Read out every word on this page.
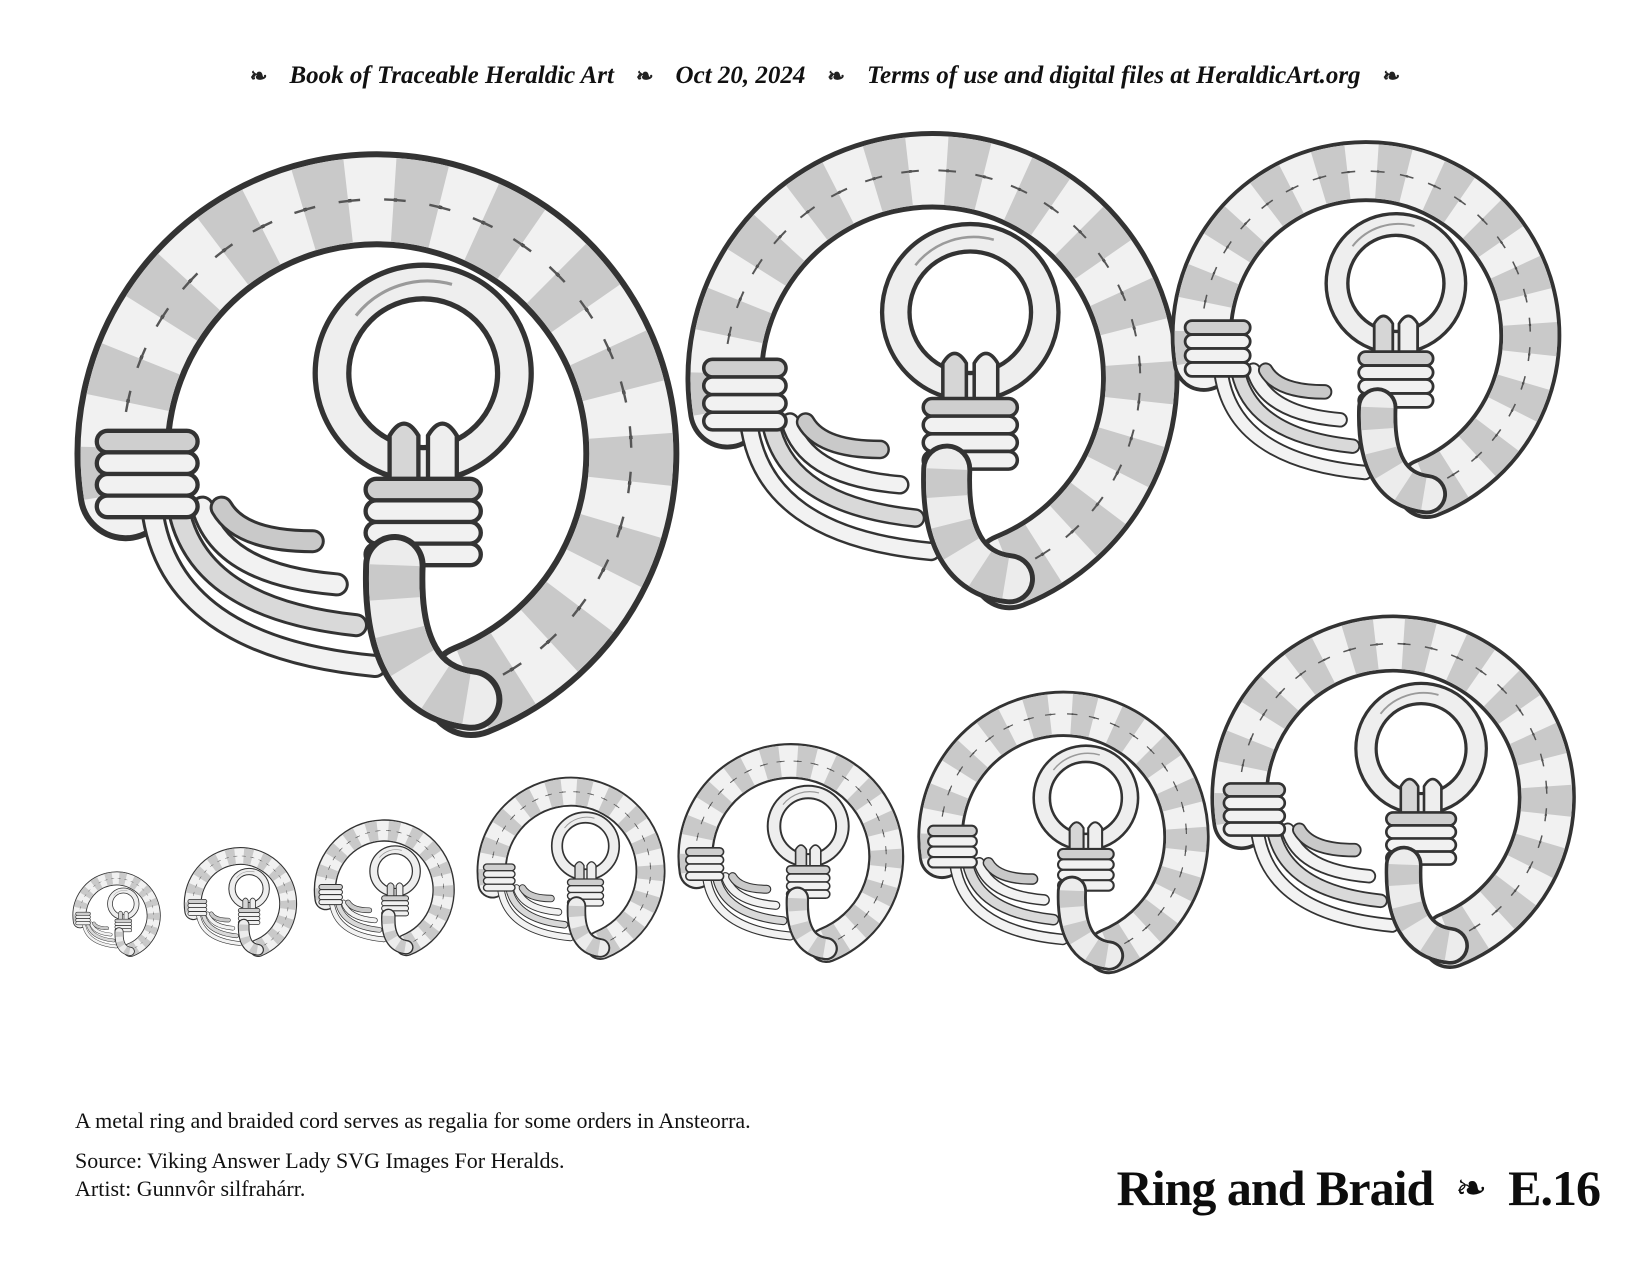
❧ Book of Traceable Heraldic Art ❧ Oct 20, 2024 ❧ Terms of use and digital files at HeraldicArt.org ❧
A metal ring and braided cord serves as regalia for some orders in Ansteorra.
Source: Viking Answer Lady SVG Images For Heralds.
Artist: Gunnvôr silfrahárr.	Ring and Braid ❧ E.16
